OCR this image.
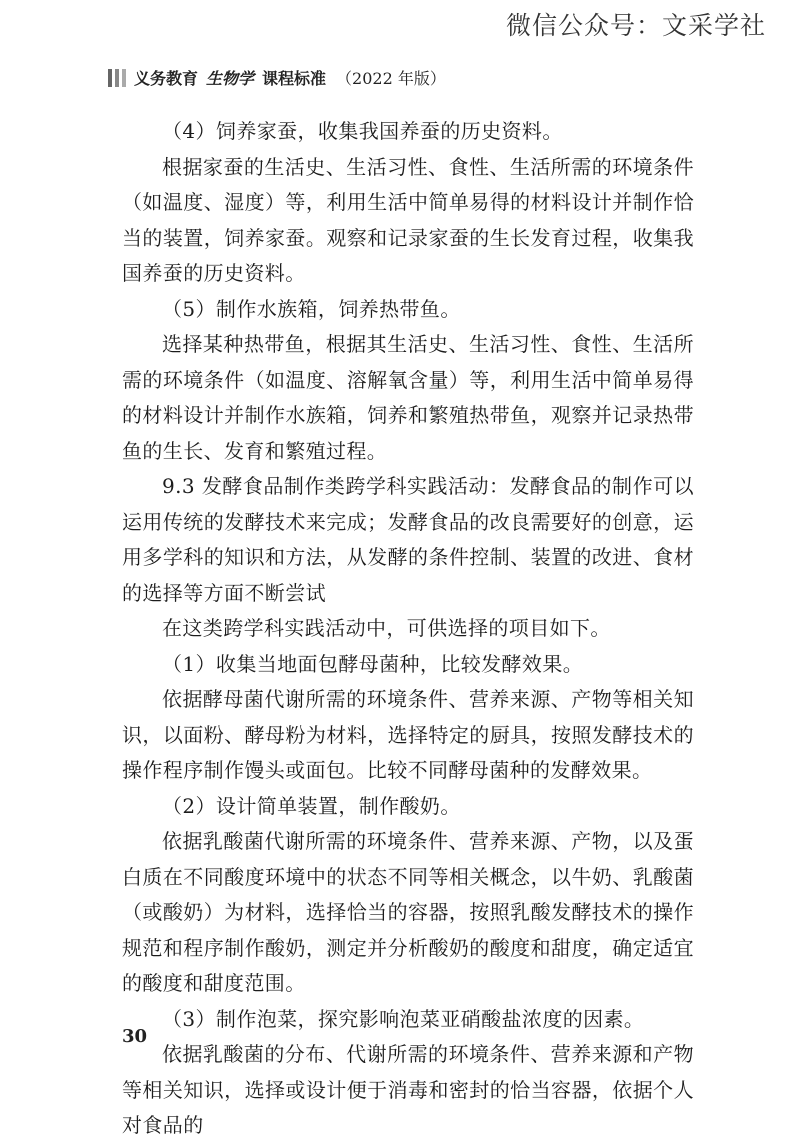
微信公众号：文采学社
义务教育 生物学 课程标准 （2022 年版）

（4）饲养家蚕，收集我国养蚕的历史资料。

根据家蚕的生活史、生活习性、食性、生活所需的环境条件（如温度、湿度）等，利用生活中简单易得的材料设计并制作恰当的装置，饲养家蚕。观察和记录家蚕的生长发育过程，收集我国养蚕的历史资料。

（5）制作水族箱，饲养热带鱼。

选择某种热带鱼，根据其生活史、生活习性、食性、生活所需的环境条件（如温度、溶解氧含量）等，利用生活中简单易得的材料设计并制作水族箱，饲养和繁殖热带鱼，观察并记录热带鱼的生长、发育和繁殖过程。

9.3 发酵食品制作类跨学科实践活动：发酵食品的制作可以运用传统的发酵技术来完成；发酵食品的改良需要好的创意，运用多学科的知识和方法，从发酵的条件控制、装置的改进、食材的选择等方面不断尝试

在这类跨学科实践活动中，可供选择的项目如下。

（1）收集当地面包酵母菌种，比较发酵效果。

依据酵母菌代谢所需的环境条件、营养来源、产物等相关知识，以面粉、酵母粉为材料，选择特定的厨具，按照发酵技术的操作程序制作馒头或面包。比较不同酵母菌种的发酵效果。

（2）设计简单装置，制作酸奶。

依据乳酸菌代谢所需的环境条件、营养来源、产物，以及蛋白质在不同酸度环境中的状态不同等相关概念，以牛奶、乳酸菌（或酸奶）为材料，选择恰当的容器，按照乳酸发酵技术的操作规范和程序制作酸奶，测定并分析酸奶的酸度和甜度，确定适宜的酸度和甜度范围。

（3）制作泡菜，探究影响泡菜亚硝酸盐浓度的因素。

依据乳酸菌的分布、代谢所需的环境条件、营养来源和产物等相关知识，选择或设计便于消毒和密封的恰当容器，依据个人对食品的

30
